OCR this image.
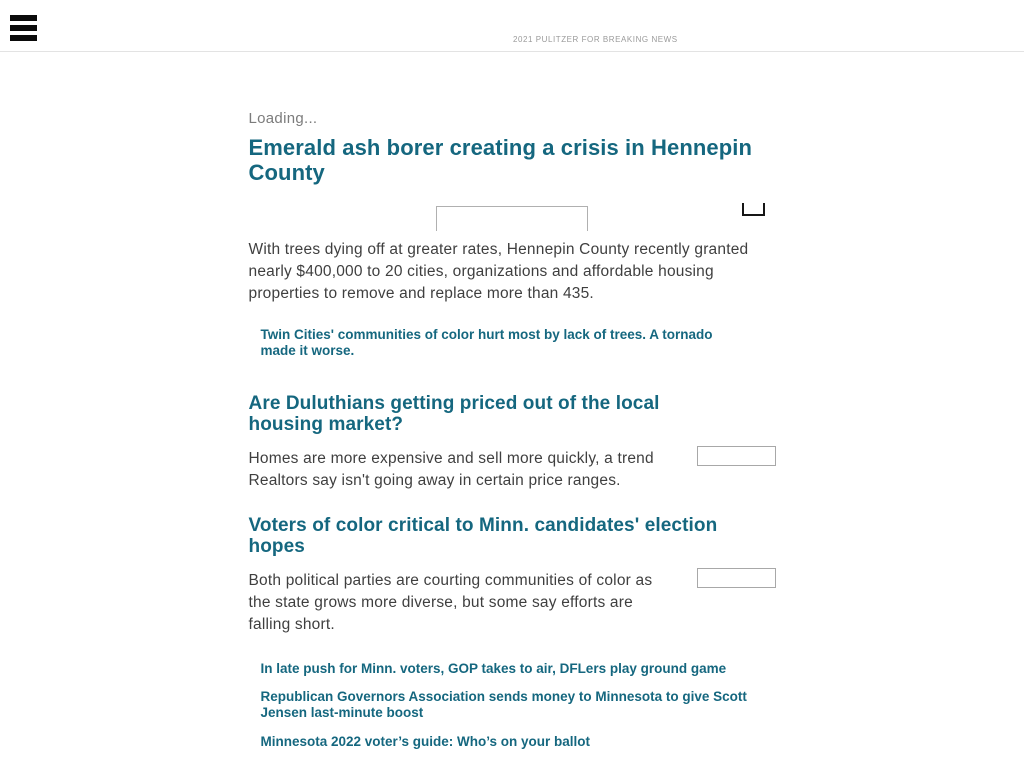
2021 PULITZER FOR BREAKING NEWS

Loading...

Emerald ash borer creating a crisis in Hennepin County

With trees dying off at greater rates, Hennepin County recently granted nearly $400,000 to 20 cities, organizations and affordable housing properties to remove and replace more than 435.

Twin Cities' communities of color hurt most by lack of trees. A tornado made it worse.
Are Duluthians getting priced out of the local housing market?

Homes are more expensive and sell more quickly, a trend Realtors say isn't going away in certain price ranges.

Voters of color critical to Minn. candidates' election hopes

Both political parties are courting communities of color as the state grows more diverse, but some say efforts are falling short.

In late push for Minn. voters, GOP takes to air, DFLers play ground game
Republican Governors Association sends money to Minnesota to give Scott Jensen last-minute boost
Minnesota 2022 voter’s guide: Who’s on your ballot
